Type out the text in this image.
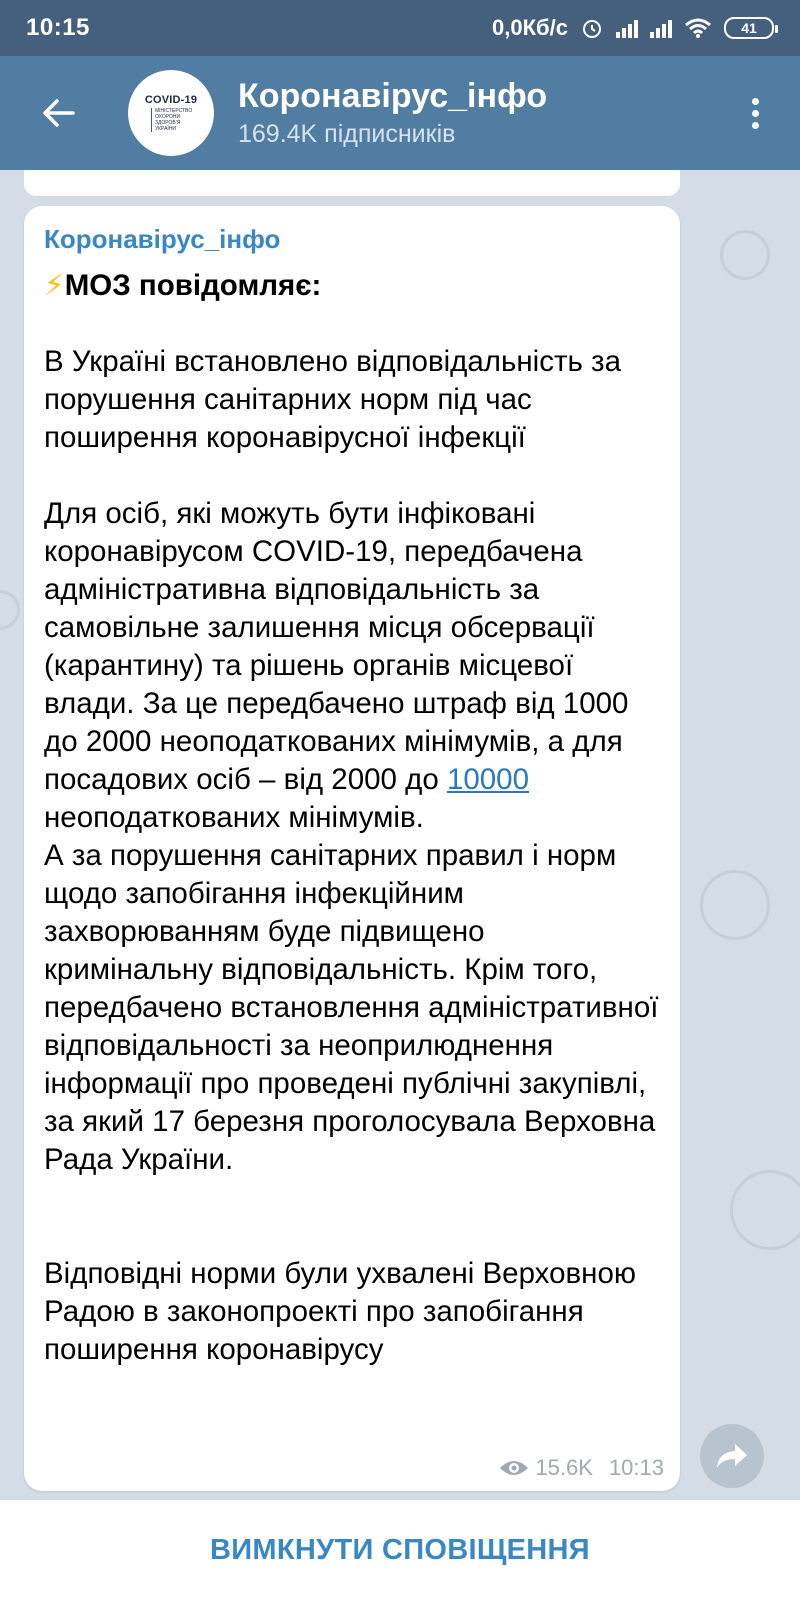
10:15	0,0Кб/с	41
COVID-19
МІНІСТЕРСТВО ОХОРОНИ ЗДОРОВ'Я УКРАЇНИ
Коронавірус_інфо
169.4K підписників
Коронавірус_інфо
⚡МОЗ повідомляє:

В Україні встановлено відповідальність за порушення санітарних норм під час поширення коронавірусної інфекції

Для осіб, які можуть бути інфіковані коронавірусом COVID-19, передбачена адміністративна відповідальність за самовільне залишення місця обсервації (карантину) та рішень органів місцевої влади. За це передбачено штраф від 1000 до 2000 неоподаткованих мінімумів, а для посадових осіб – від 2000 до 10000 неоподаткованих мінімумів.
А за порушення санітарних правил і норм щодо запобігання інфекційним захворюванням буде підвищено кримінальну відповідальність. Крім того, передбачено встановлення адміністративної відповідальності за неоприлюднення інформації про проведені публічні закупівлі, за який 17 березня проголосувала Верховна Рада України.

Відповідні норми були ухвалені Верховною Радою в законопроекті про запобігання поширення коронавірусу
15.6K 10:13
ВИМКНУТИ СПОВІЩЕННЯ
